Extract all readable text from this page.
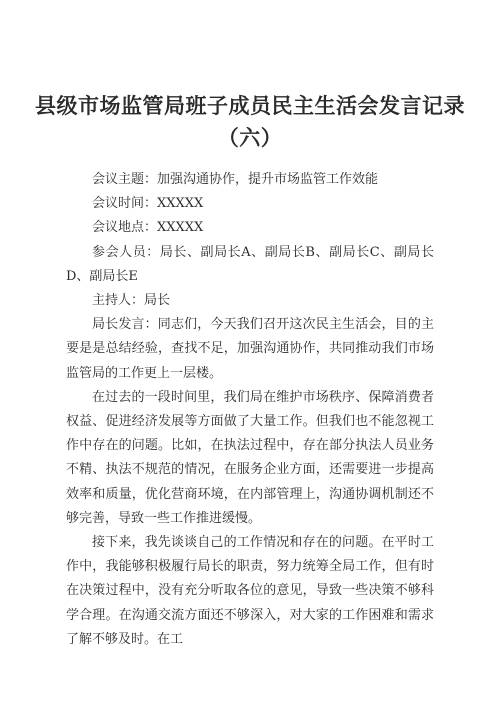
县级市场监管局班子成员民主生活会发言记录
（六）

会议主题：加强沟通协作，提升市场监管工作效能

会议时间：XXXXX

会议地点：XXXXX

参会人员：局长、副局长A、副局长B、副局长C、副局长D、副局长E

主持人：局长

局长发言：同志们，今天我们召开这次民主生活会，目的主要是是总结经验，查找不足，加强沟通协作，共同推动我们市场监管局的工作更上一层楼。

在过去的一段时间里，我们局在维护市场秩序、保障消费者权益、促进经济发展等方面做了大量工作。但我们也不能忽视工作中存在的问题。比如，在执法过程中，存在部分执法人员业务不精、执法不规范的情况，在服务企业方面，还需要进一步提高效率和质量，优化营商环境，在内部管理上，沟通协调机制还不够完善，导致一些工作推进缓慢。

接下来，我先谈谈自己的工作情况和存在的问题。在平时工作中，我能够积极履行局长的职责，努力统筹全局工作，但有时在决策过程中，没有充分听取各位的意见，导致一些决策不够科学合理。在沟通交流方面还不够深入，对大家的工作困难和需求了解不够及时。在工
